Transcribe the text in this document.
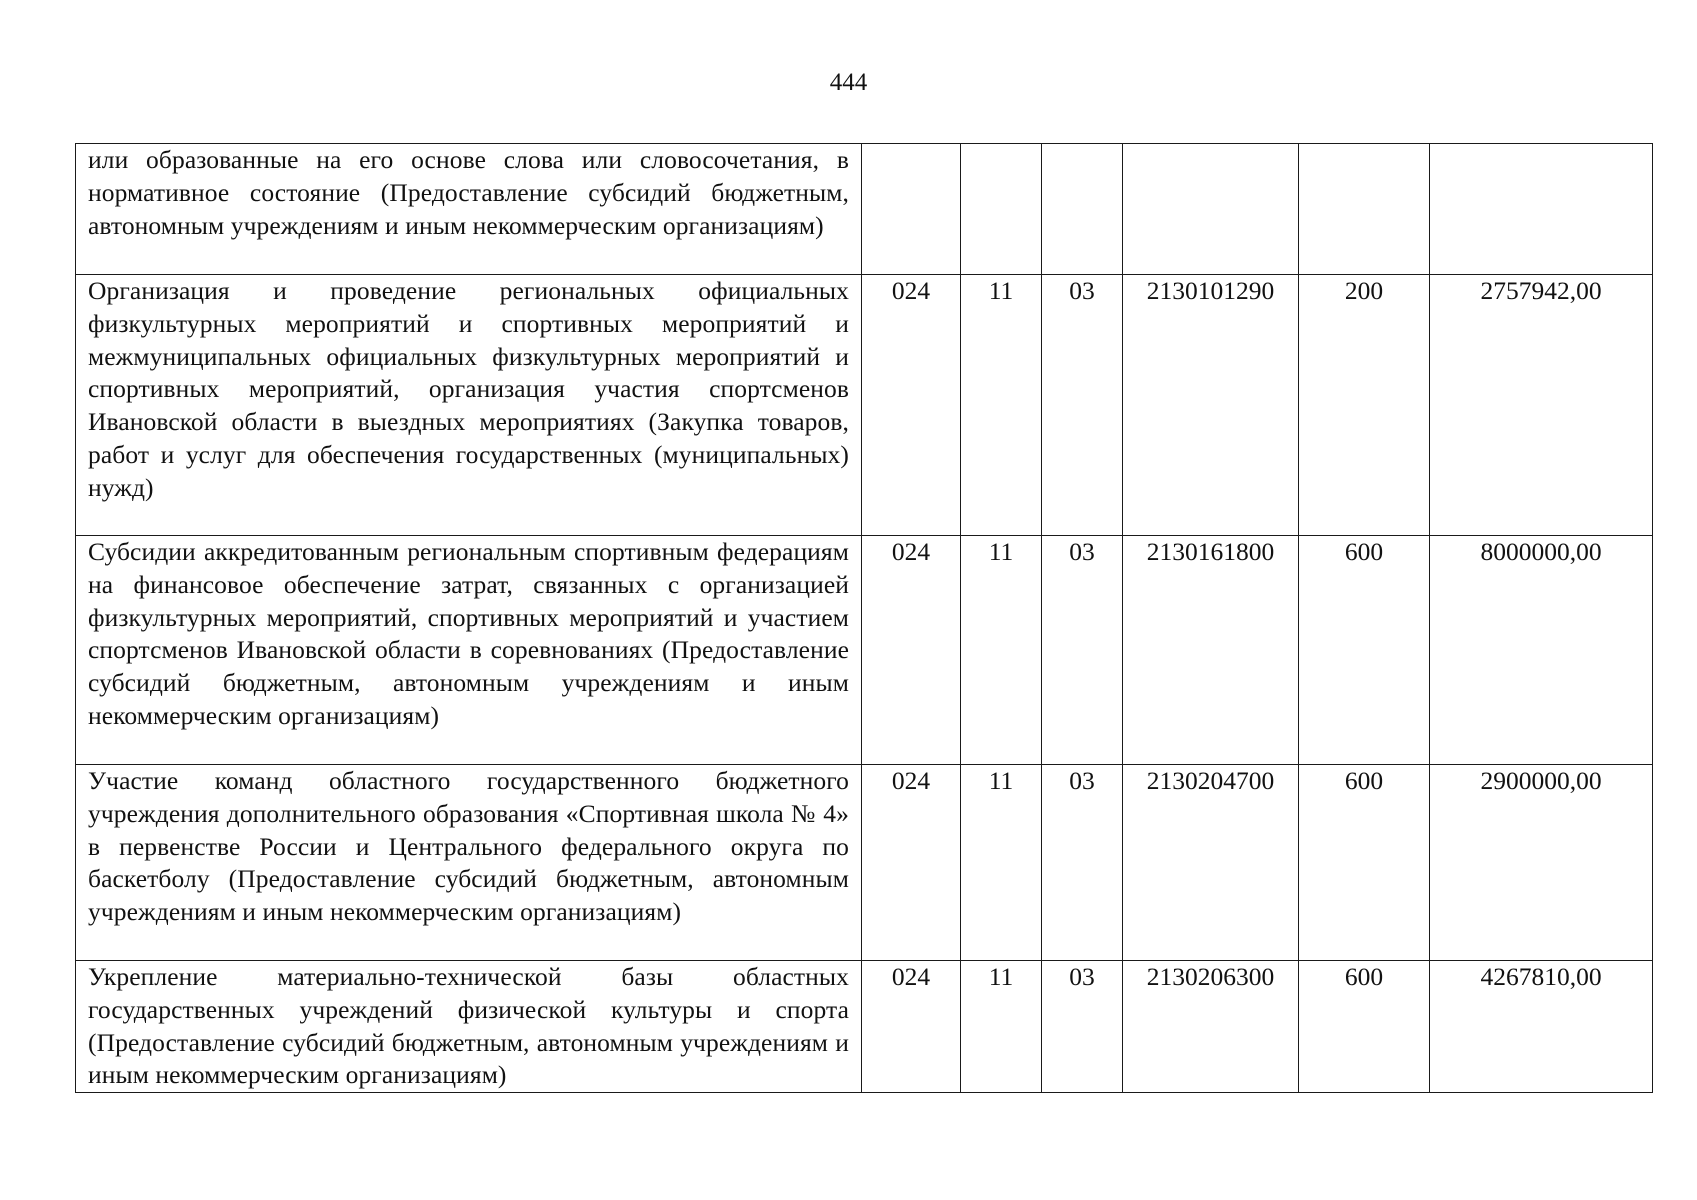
444
или образованные на его основе слова или словосочетания, в нормативное состояние (Предоставление субсидий бюджетным, автономным учреждениям и иным некоммерческим организациям)						
Организация и проведение региональных официальных физкультурных мероприятий и спортивных мероприятий и межмуниципальных официальных физкультурных мероприятий и спортивных мероприятий, организация участия спортсменов Ивановской области в выездных мероприятиях (Закупка товаров, работ и услуг для обеспечения государственных (муниципальных) нужд)	024	11	03	2130101290	200	2757942,00
Субсидии аккредитованным региональным спортивным федерациям на финансовое обеспечение затрат, связанных с организацией физкультурных мероприятий, спортивных мероприятий и участием спортсменов Ивановской области в соревнованиях (Предоставление субсидий бюджетным, автономным учреждениям и иным некоммерческим организациям)	024	11	03	2130161800	600	8000000,00
Участие команд областного государственного бюджетного учреждения дополнительного образования «Спортивная школа № 4» в первенстве России и Центрального федерального округа по баскетболу (Предоставление субсидий бюджетным, автономным учреждениям и иным некоммерческим организациям)	024	11	03	2130204700	600	2900000,00
Укрепление материально-технической базы областных государственных учреждений физической культуры и спорта (Предоставление субсидий бюджетным, автономным учреждениям и иным некоммерческим организациям)	024	11	03	2130206300	600	4267810,00
